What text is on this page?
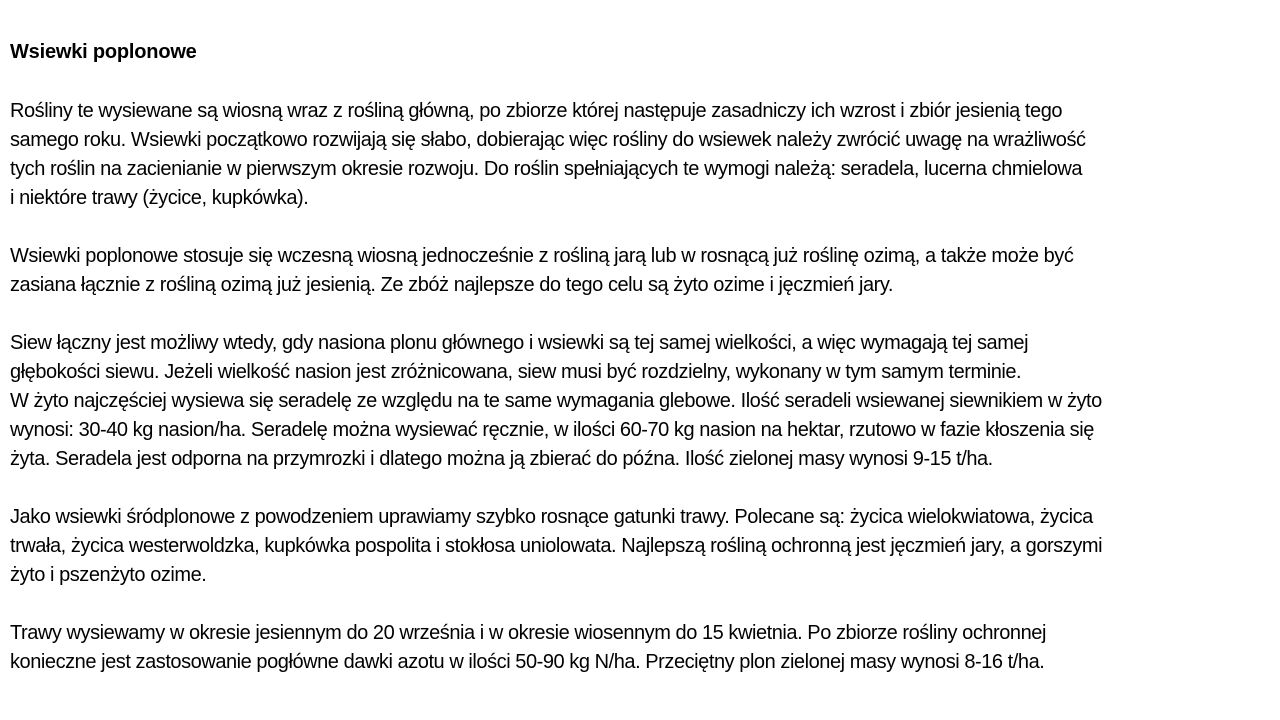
Wsiewki poplonowe
Rośliny te wysiewane są wiosną wraz z rośliną główną, po zbiorze której następuje zasadniczy ich wzrost i zbiór jesienią tego
samego roku. Wsiewki początkowo rozwijają się słabo, dobierając więc rośliny do wsiewek należy zwrócić uwagę na wrażliwość
tych roślin na zacienianie w pierwszym okresie rozwoju. Do roślin spełniających te wymogi należą: seradela, lucerna chmielowa
i niektóre trawy (życice, kupkówka).
Wsiewki poplonowe stosuje się wczesną wiosną jednocześnie z rośliną jarą lub w rosnącą już roślinę ozimą, a także może być
zasiana łącznie z rośliną ozimą już jesienią. Ze zbóż najlepsze do tego celu są żyto ozime i jęczmień jary.
Siew łączny jest możliwy wtedy, gdy nasiona plonu głównego i wsiewki są tej samej wielkości, a więc wymagają tej samej
głębokości siewu. Jeżeli wielkość nasion jest zróżnicowana, siew musi być rozdzielny, wykonany w tym samym terminie.
W żyto najczęściej wysiewa się seradelę ze względu na te same wymagania glebowe. Ilość seradeli wsiewanej siewnikiem w żyto
wynosi: 30-40 kg nasion/ha. Seradelę można wysiewać ręcznie, w ilości 60-70 kg nasion na hektar, rzutowo w fazie kłoszenia się
żyta. Seradela jest odporna na przymrozki i dlatego można ją zbierać do późna. Ilość zielonej masy wynosi 9-15 t/ha.
Jako wsiewki śródplonowe z powodzeniem uprawiamy szybko rosnące gatunki trawy. Polecane są: życica wielokwiatowa, życica
trwała, życica westerwoldzka, kupkówka pospolita i stokłosa uniolowata. Najlepszą rośliną ochronną jest jęczmień jary, a gorszymi
żyto i pszenżyto ozime.
Trawy wysiewamy w okresie jesiennym do 20 września i w okresie wiosennym do 15 kwietnia. Po zbiorze rośliny ochronnej
konieczne jest zastosowanie pogłówne dawki azotu w ilości 50-90 kg N/ha. Przeciętny plon zielonej masy wynosi 8-16 t/ha.
